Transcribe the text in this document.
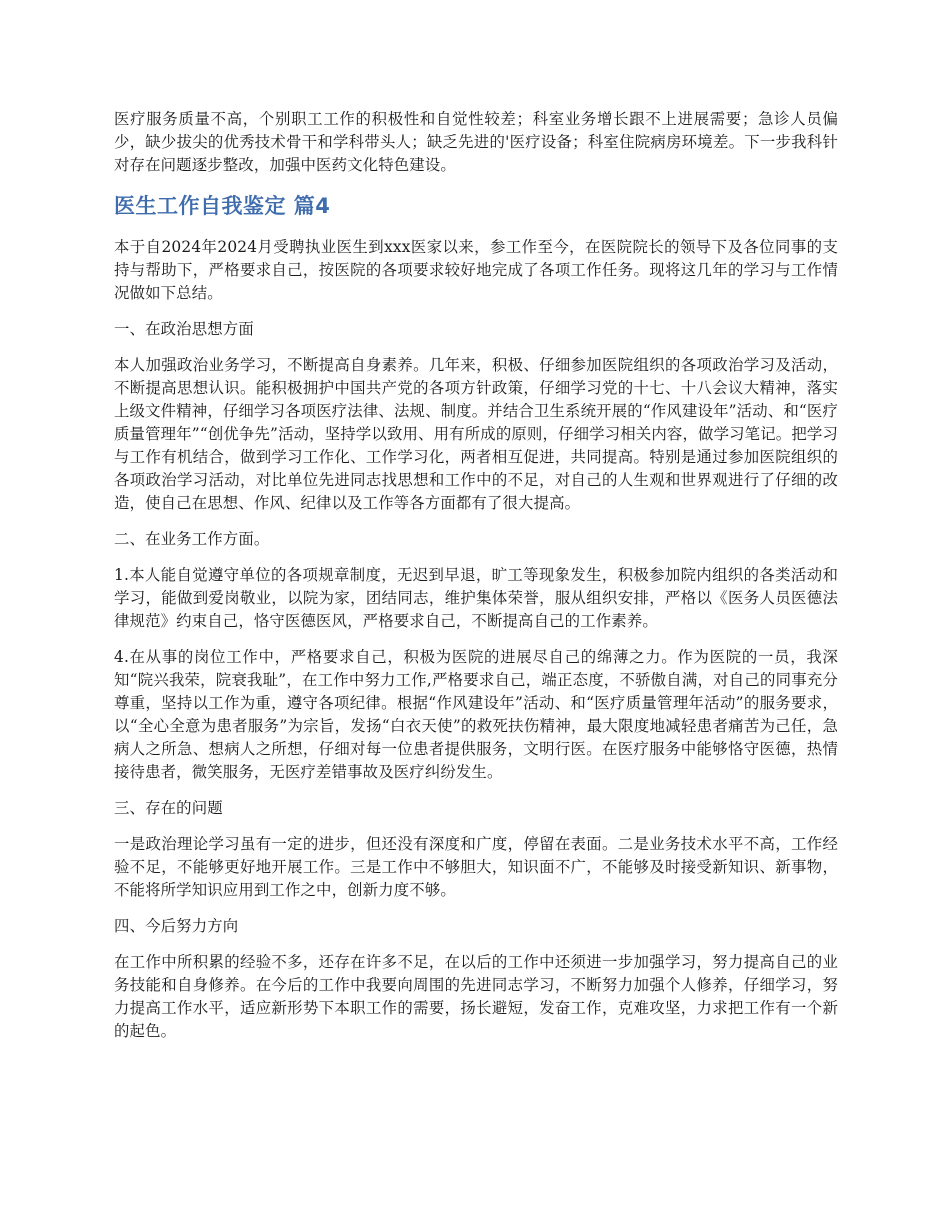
医疗服务质量不高，个别职工工作的积极性和自觉性较差；科室业务增长跟不上进展需要；急诊人员偏少，缺少拔尖的优秀技术骨干和学科带头人；缺乏先进的'医疗设备；科室住院病房环境差。下一步我科针对存在问题逐步整改，加强中医药文化特色建设。

医生工作自我鉴定 篇4

本于自2024年2024月受聘执业医生到xxx医家以来，参工作至今，在医院院长的领导下及各位同事的支持与帮助下，严格要求自己，按医院的各项要求较好地完成了各项工作任务。现将这几年的学习与工作情况做如下总结。

一、在政治思想方面

本人加强政治业务学习，不断提高自身素养。几年来，积极、仔细参加医院组织的各项政治学习及活动，不断提高思想认识。能积极拥护中国共产党的各项方针政策，仔细学习党的十七、十八会议大精神，落实上级文件精神，仔细学习各项医疗法律、法规、制度。并结合卫生系统开展的“作风建设年”活动、和“医疗质量管理年”“创优争先”活动，坚持学以致用、用有所成的原则，仔细学习相关内容，做学习笔记。把学习与工作有机结合，做到学习工作化、工作学习化，两者相互促进，共同提高。特别是通过参加医院组织的各项政治学习活动，对比单位先进同志找思想和工作中的不足，对自己的人生观和世界观进行了仔细的改造，使自己在思想、作风、纪律以及工作等各方面都有了很大提高。

二、在业务工作方面。

1.本人能自觉遵守单位的各项规章制度，无迟到早退，旷工等现象发生，积极参加院内组织的各类活动和学习，能做到爱岗敬业，以院为家，团结同志，维护集体荣誉，服从组织安排，严格以《医务人员医德法律规范》约束自己，恪守医德医风，严格要求自己，不断提高自己的工作素养。

4.在从事的岗位工作中，严格要求自己，积极为医院的进展尽自己的绵薄之力。作为医院的一员，我深知“院兴我荣，院衰我耻”，在工作中努力工作,严格要求自己，端正态度，不骄傲自满，对自己的同事充分尊重，坚持以工作为重，遵守各项纪律。根据“作风建设年”活动、和“医疗质量管理年活动”的服务要求，以“全心全意为患者服务”为宗旨，发扬“白衣天使”的救死扶伤精神，最大限度地减轻患者痛苦为己任，急病人之所急、想病人之所想，仔细对每一位患者提供服务，文明行医。在医疗服务中能够恪守医德，热情接待患者，微笑服务，无医疗差错事故及医疗纠纷发生。

三、存在的问题

一是政治理论学习虽有一定的进步，但还没有深度和广度，停留在表面。二是业务技术水平不高，工作经验不足，不能够更好地开展工作。三是工作中不够胆大，知识面不广，不能够及时接受新知识、新事物，不能将所学知识应用到工作之中，创新力度不够。

四、今后努力方向

在工作中所积累的经验不多，还存在许多不足，在以后的工作中还须进一步加强学习，努力提高自己的业务技能和自身修养。在今后的工作中我要向周围的先进同志学习，不断努力加强个人修养，仔细学习，努力提高工作水平，适应新形势下本职工作的需要，扬长避短，发奋工作，克难攻坚，力求把工作有一个新的起色。
